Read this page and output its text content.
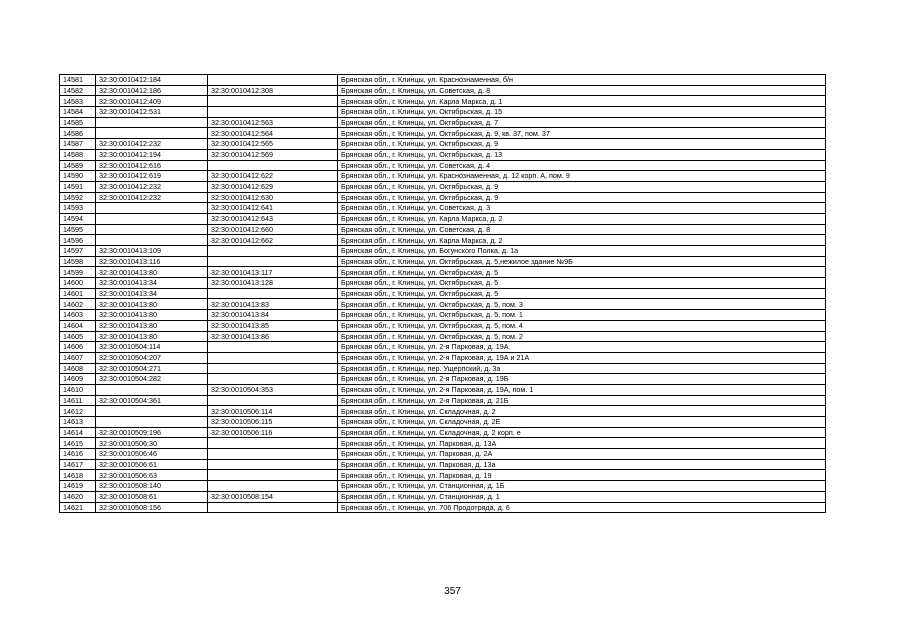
14581	32:30:0010412:184		Брянская обл., г. Клинцы, ул. Краснознаменная, б/н
14582	32:30:0010412:186	32:30:0010412:308	Брянская обл., г. Клинцы, ул. Советская, д. 8
14583	32:30:0010412:409		Брянская обл., г. Клинцы, ул. Карла Маркса, д. 1
14584	32:30:0010412:531		Брянская обл., г. Клинцы, ул. Октябрьская, д. 15
14585		32:30:0010412:563	Брянская обл., г. Клинцы, ул. Октябрьская, д. 7
14586		32:30:0010412:564	Брянская обл., г. Клинцы, ул. Октябрьская, д. 9, кв. 37, пом. 37
14587	32:30:0010412:232	32:30:0010412:565	Брянская обл., г. Клинцы, ул. Октябрьская, д. 9
14588	32:30:0010412:194	32:30:0010412:569	Брянская обл., г. Клинцы, ул. Октябрьская, д. 13
14589	32:30:0010412:616		Брянская обл., г. Клинцы, ул. Советская, д. 4
14590	32:30:0010412:619	32:30:0010412:622	Брянская обл., г. Клинцы, ул. Краснознаменная, д. 12 корп. А, пом. 9
14591	32:30:0010412:232	32:30:0010412:629	Брянская обл., г. Клинцы, ул. Октябрьская, д. 9
14592	32:30:0010412:232	32:30:0010412:630	Брянская обл., г. Клинцы, ул. Октябрьская, д. 9
14593		32:30:0010412:641	Брянская обл., г. Клинцы, ул. Советская, д. 3
14594		32:30:0010412:643	Брянская обл., г. Клинцы, ул. Карла Маркса, д. 2
14595		32:30:0010412:660	Брянская обл., г. Клинцы, ул. Советская, д. 8
14596		32:30:0010412:662	Брянская обл., г. Клинцы, ул. Карла Маркса, д. 2
14597	32:30:0010413:109		Брянская обл., г. Клинцы, ул. Богунского Полка, д. 1а
14598	32:30:0010413:116		Брянская обл., г. Клинцы, ул. Октябрьская, д. 5,нежилое здание №9Б
14599	32:30:0010413:80	32:30:0010413:117	Брянская обл., г. Клинцы, ул. Октябрьская, д. 5
14600	32:30:0010413:34	32:30:0010413:128	Брянская обл., г. Клинцы, ул. Октябрьская, д. 5
14601	32:30:0010413:34		Брянская обл., г. Клинцы, ул. Октябрьская, д. 5
14602	32:30:0010413:80	32:30:0010413:83	Брянская обл., г. Клинцы, ул. Октябрьская, д. 5, пом. 3
14603	32:30:0010413:80	32:30:0010413:84	Брянская обл., г. Клинцы, ул. Октябрьская, д. 5, пом. 1
14604	32:30:0010413:80	32:30:0010413:85	Брянская обл., г. Клинцы, ул. Октябрьская, д. 5, пом. 4
14605	32:30:0010413:80	32:30:0010413:86	Брянская обл., г. Клинцы, ул. Октябрьская, д. 5, пом. 2
14606	32:30:0010504:114		Брянская обл., г. Клинцы, ул. 2-я Парковая, д. 19А
14607	32:30:0010504:207		Брянская обл., г. Клинцы, ул. 2-я Парковая, д. 19А и 21А
14608	32:30:0010504:271		Брянская обл., г. Клинцы, пер. Ущерпский, д. 3а
14609	32:30:0010504:282		Брянская обл., г. Клинцы, ул. 2-я Парковая, д. 19Б
14610		32:30:0010504:353	Брянская обл., г. Клинцы, ул. 2-я Парковая, д. 19А, пом. 1
14611	32:30:0010504:361		Брянская обл., г. Клинцы, ул. 2-я Парковая, д. 21Б
14612		32:30:0010506:114	Брянская обл., г. Клинцы, ул. Складочная, д. 2
14613		32:30:0010506:115	Брянская обл., г. Клинцы, ул. Складочная, д. 2Е
14614	32:30:0010509:196	32:30:0010506:116	Брянская обл., г. Клинцы, ул. Складочная, д. 2 корп. е
14615	32:30:0010506:30		Брянская обл., г. Клинцы, ул. Парковая, д. 13А
14616	32:30:0010506:46		Брянская обл., г. Клинцы, ул. Парковая, д. 2А
14617	32:30:0010506:61		Брянская обл., г. Клинцы, ул. Парковая, д. 13а
14618	32:30:0010506:63		Брянская обл., г. Клинцы, ул. Парковая, д. 19
14619	32:30:0010508:140		Брянская обл., г. Клинцы, ул. Станционная, д. 1Б
14620	32:30:0010508:61	32:30:0010508:154	Брянская обл., г. Клинцы, ул. Станционная, д. 1
14621	32:30:0010508:156		Брянская обл., г. Клинцы, ул. 706 Продотряда, д. 6
357
